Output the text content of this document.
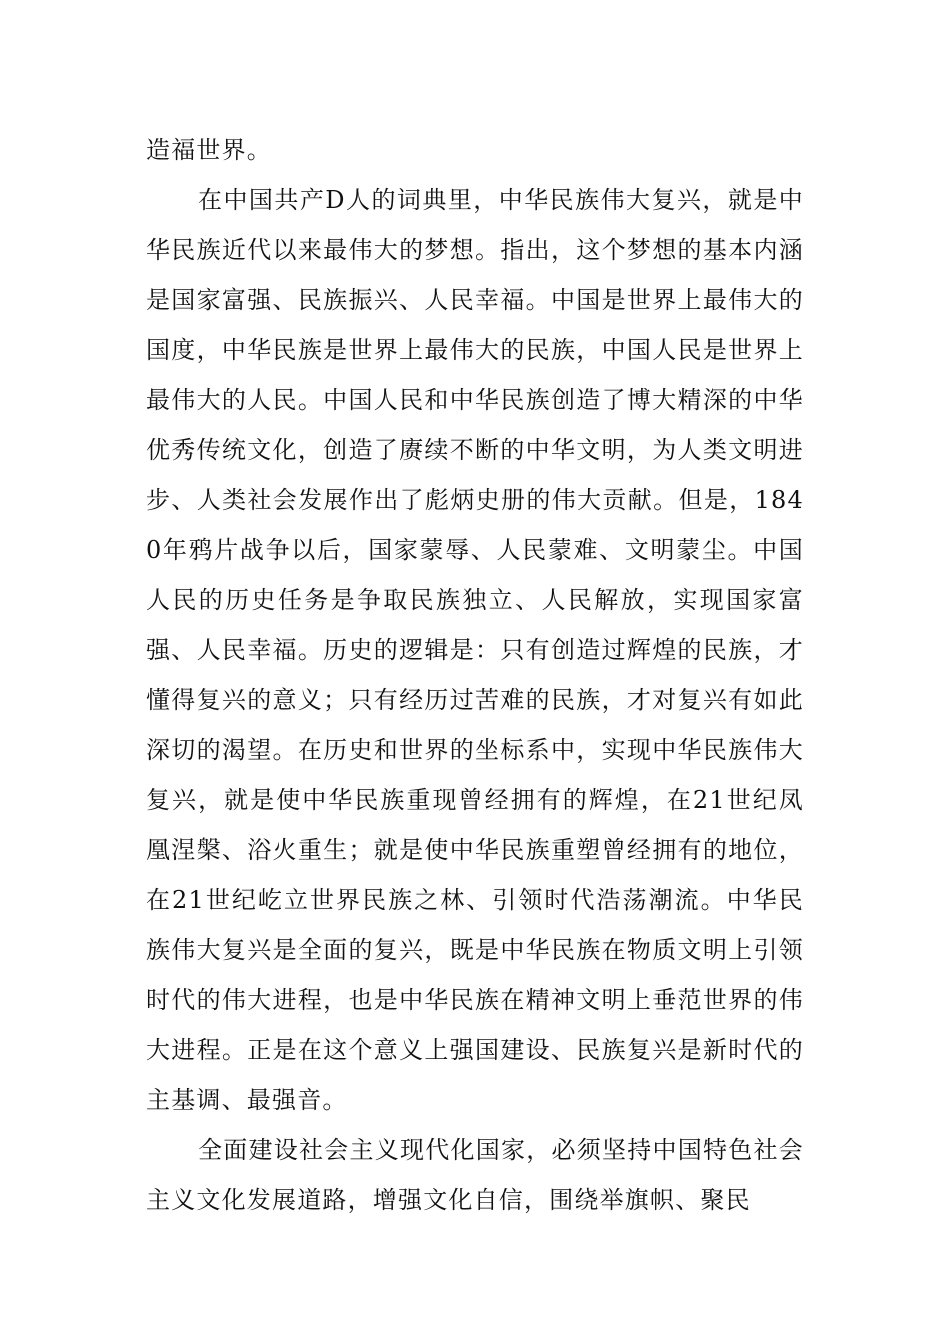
造福世界。

在中国共产D人的词典里，中华民族伟大复兴，就是中华民族近代以来最伟大的梦想。指出，这个梦想的基本内涵是国家富强、民族振兴、人民幸福。中国是世界上最伟大的国度，中华民族是世界上最伟大的民族，中国人民是世界上最伟大的人民。中国人民和中华民族创造了博大精深的中华优秀传统文化，创造了赓续不断的中华文明，为人类文明进步、人类社会发展作出了彪炳史册的伟大贡献。但是，1840年鸦片战争以后，国家蒙辱、人民蒙难、文明蒙尘。中国人民的历史任务是争取民族独立、人民解放，实现国家富强、人民幸福。历史的逻辑是：只有创造过辉煌的民族，才懂得复兴的意义；只有经历过苦难的民族，才对复兴有如此深切的渴望。在历史和世界的坐标系中，实现中华民族伟大复兴，就是使中华民族重现曾经拥有的辉煌，在21世纪凤凰涅槃、浴火重生；就是使中华民族重塑曾经拥有的地位，在21世纪屹立世界民族之林、引领时代浩荡潮流。中华民族伟大复兴是全面的复兴，既是中华民族在物质文明上引领时代的伟大进程，也是中华民族在精神文明上垂范世界的伟大进程。正是在这个意义上强国建设、民族复兴是新时代的主基调、最强音。

全面建设社会主义现代化国家，必须坚持中国特色社会主义文化发展道路，增强文化自信，围绕举旗帜、聚民
